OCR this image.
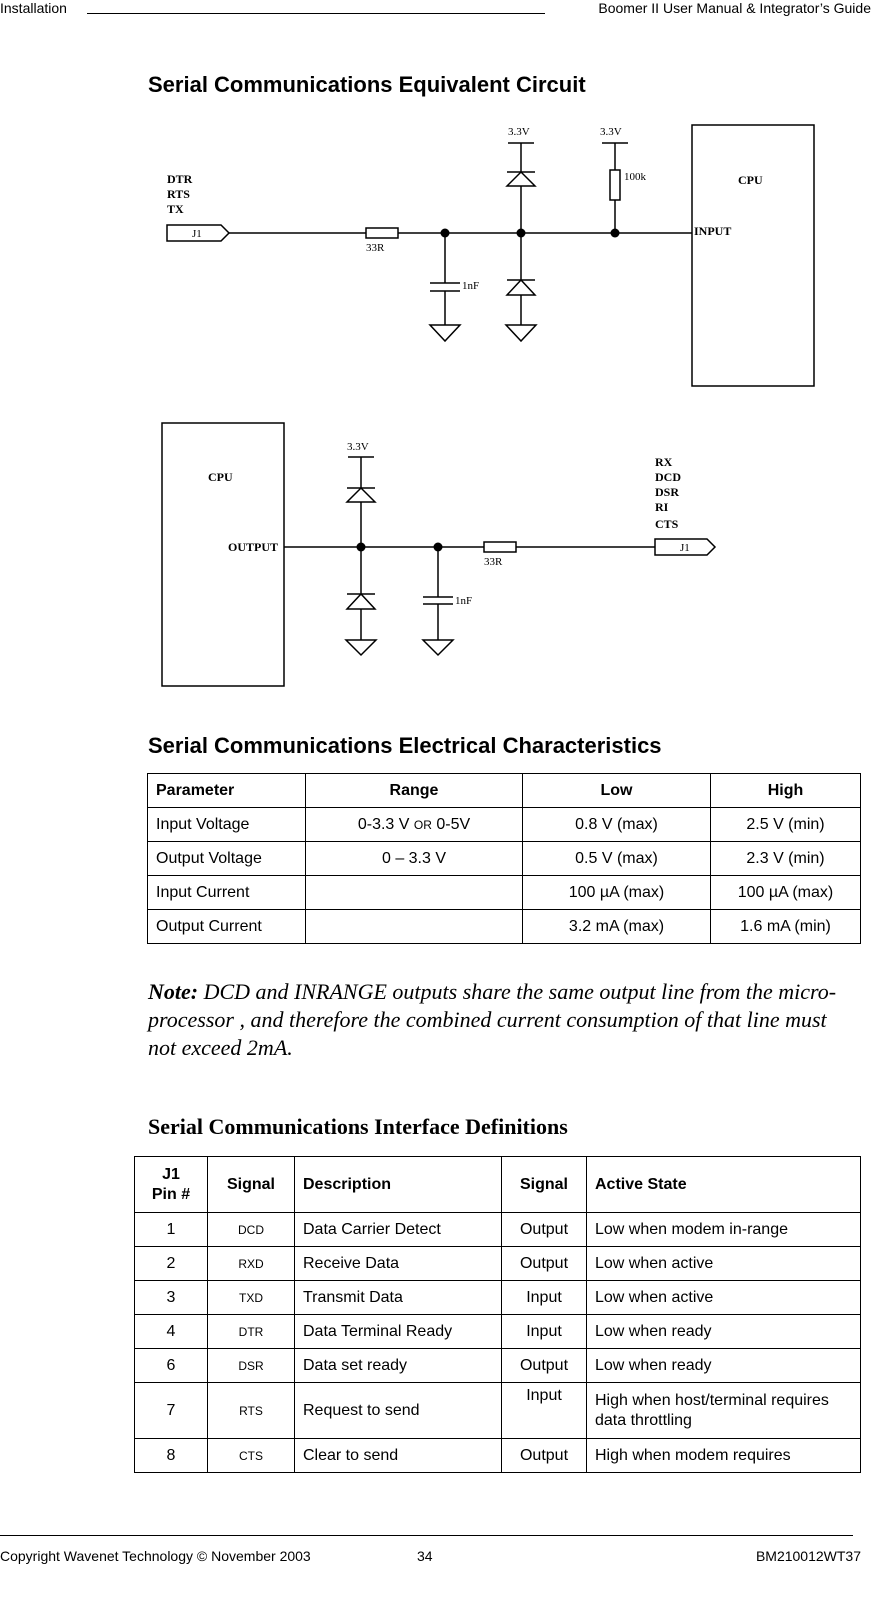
Installation	Boomer II User Manual & Integrator’s Guide
Serial Communications Equivalent Circuit
DTR
RTS
TX
J1
33R
1nF
3.3V	3.3V
100k	CPU
INPUT
CPU
OUTPUT
3.3V
1nF
33R
RX
DCD
DSR
RI
CTS
J1
Serial Communications Electrical Characteristics
Parameter	Range	Low	High
Input Voltage	0-3.3 V OR 0-5V	0.8 V (max)	2.5 V (min)
Output Voltage	0 – 3.3 V	0.5 V (max)	2.3 V (min)
Input Current		100 µA (max)	100 µA (max)
Output Current		3.2 mA (max)	1.6 mA (min)
Note: DCD and INRANGE outputs share the same output line from the micro-processor , and therefore the combined current consumption of that line must not exceed 2mA.
Serial Communications Interface Definitions
J1
Pin #	Signal	Description	Signal	Active State
1	DCD	Data Carrier Detect	Output	Low when modem in-range
2	RXD	Receive Data	Output	Low when active
3	TXD	Transmit Data	Input	Low when active
4	DTR	Data Terminal Ready	Input	Low when ready
6	DSR	Data set ready	Output	Low when ready
7	RTS	Request to send	Input	High when host/terminal requires data throttling
8	CTS	Clear to send	Output	High when modem requires
Copyright Wavenet Technology © November 2003	34	BM210012WT37
